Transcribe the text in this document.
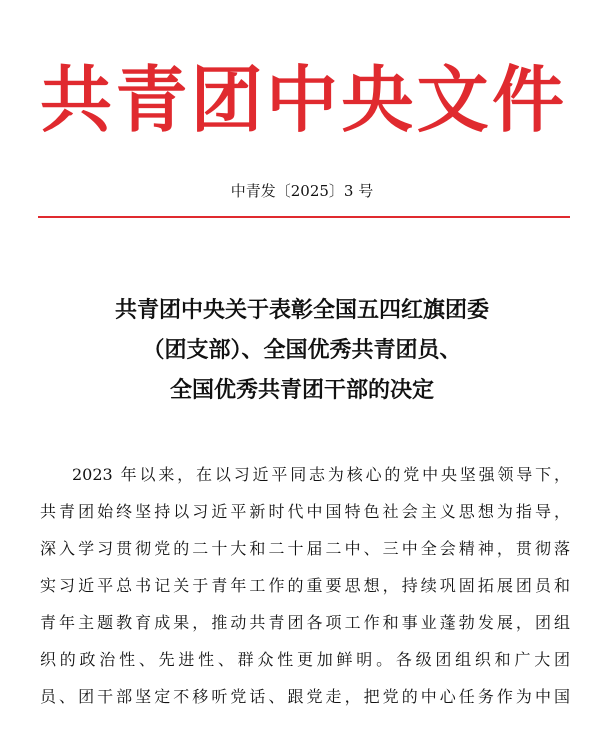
共 青 团 中 央 文 件
中青发〔2025〕3 号
共青团中央关于表彰全国五四红旗团委
（团支部）、全国优秀共青团员、
全国优秀共青团干部的决定
2023 年以来，在以习近平同志为核心的党中央坚强领导下，
共青团始终坚持以习近平新时代中国特色社会主义思想为指导，
深入学习贯彻党的二十大和二十届二中、三中全会精神，贯彻落
实习近平总书记关于青年工作的重要思想，持续巩固拓展团员和
青年主题教育成果，推动共青团各项工作和事业蓬勃发展，团组
织的政治性、先进性、群众性更加鲜明。各级团组织和广大团
员、团干部坚定不移听党话、跟党走，把党的中心任务作为中国
